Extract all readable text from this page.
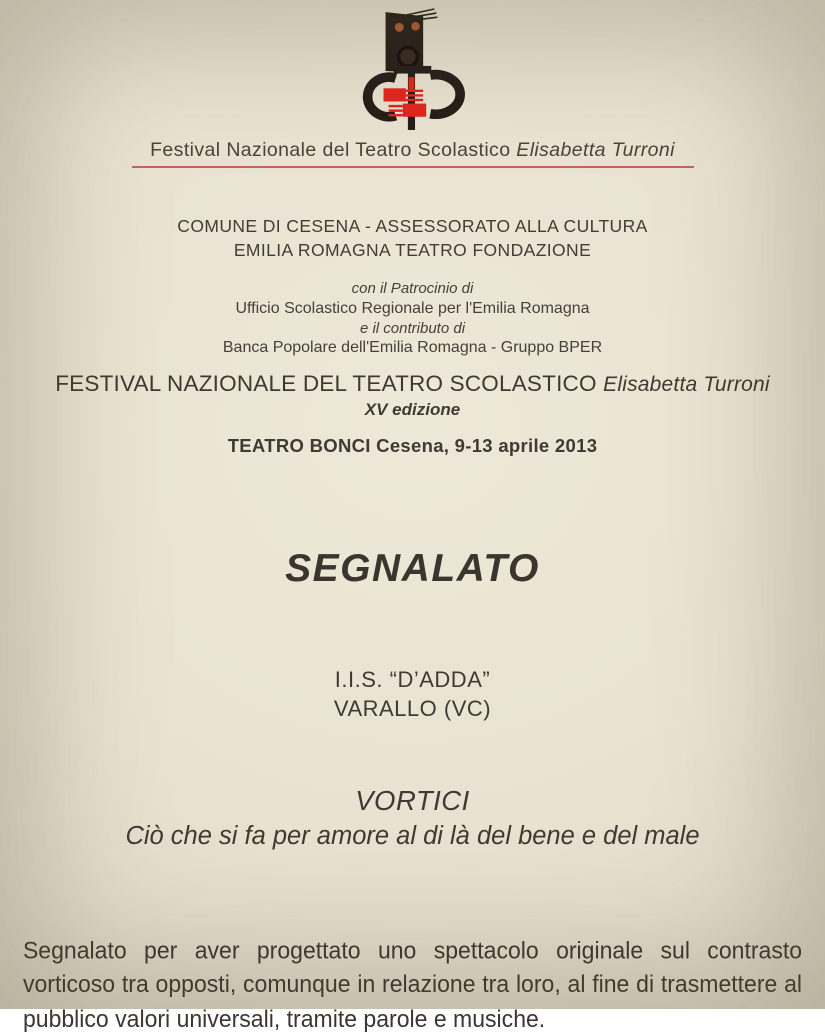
Festival Nazionale del Teatro Scolastico Elisabetta Turroni
COMUNE DI CESENA - ASSESSORATO ALLA CULTURA
EMILIA ROMAGNA TEATRO FONDAZIONE
con il Patrocinio di
Ufficio Scolastico Regionale per l'Emilia Romagna
e il contributo di
Banca Popolare dell'Emilia Romagna - Gruppo BPER
FESTIVAL NAZIONALE DEL TEATRO SCOLASTICO Elisabetta Turroni
XV edizione
TEATRO BONCI Cesena, 9-13 aprile 2013
SEGNALATO
I.I.S. “D’ADDA”
VARALLO (VC)
VORTICI
Ciò che si fa per amore al di là del bene e del male

Segnalato per aver progettato uno spettacolo originale sul contrasto vorticoso tra opposti, comunque in relazione tra loro, al fine di trasmettere al pubblico valori universali, tramite parole e musiche.
